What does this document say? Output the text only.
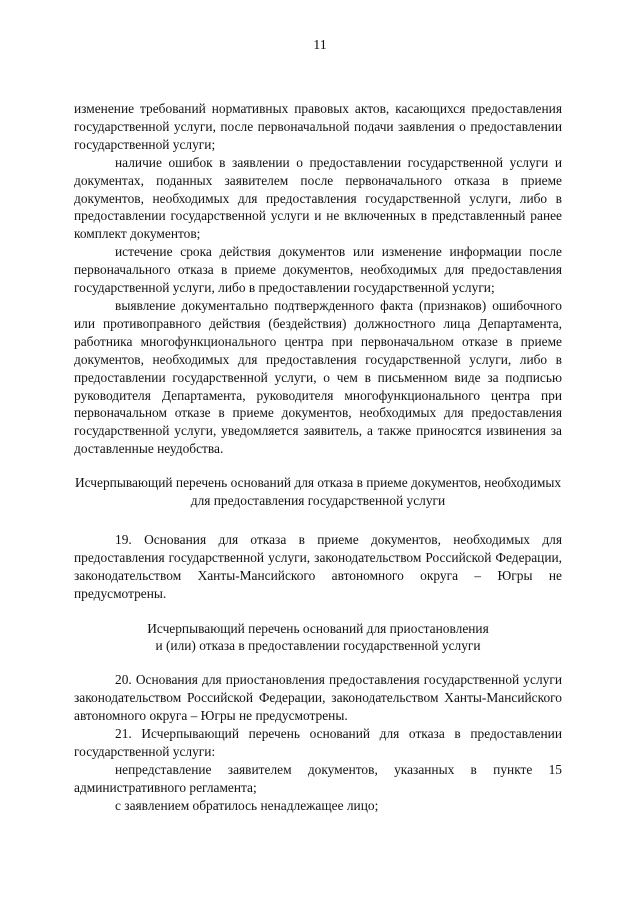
11

изменение требований нормативных правовых актов, касающихся предоставления государственной услуги, после первоначальной подачи заявления о предоставлении государственной услуги;

наличие ошибок в заявлении о предоставлении государственной услуги и документах, поданных заявителем после первоначального отказа в приеме документов, необходимых для предоставления государственной услуги, либо в предоставлении государственной услуги и не включенных в представленный ранее комплект документов;

истечение срока действия документов или изменение информации после первоначального отказа в приеме документов, необходимых для предоставления государственной услуги, либо в предоставлении государственной услуги;

выявление документально подтвержденного факта (признаков) ошибочного или противоправного действия (бездействия) должностного лица Департамента, работника многофункционального центра при первоначальном отказе в приеме документов, необходимых для предоставления государственной услуги, либо в предоставлении государственной услуги, о чем в письменном виде за подписью руководителя Департамента, руководителя многофункционального центра при первоначальном отказе в приеме документов, необходимых для предоставления государственной услуги, уведомляется заявитель, а также приносятся извинения за доставленные неудобства.

Исчерпывающий перечень оснований для отказа в приеме документов, необходимых для предоставления государственной услуги

19. Основания для отказа в приеме документов, необходимых для предоставления государственной услуги, законодательством Российской Федерации, законодательством Ханты-Мансийского автономного округа – Югры не предусмотрены.

Исчерпывающий перечень оснований для приостановления

и (или) отказа в предоставлении государственной услуги

20. Основания для приостановления предоставления государственной услуги законодательством Российской Федерации, законодательством Ханты-Мансийского автономного округа – Югры не предусмотрены.

21. Исчерпывающий перечень оснований для отказа в предоставлении государственной услуги:

непредставление заявителем документов, указанных в пункте 15 административного регламента;

с заявлением обратилось ненадлежащее лицо;
